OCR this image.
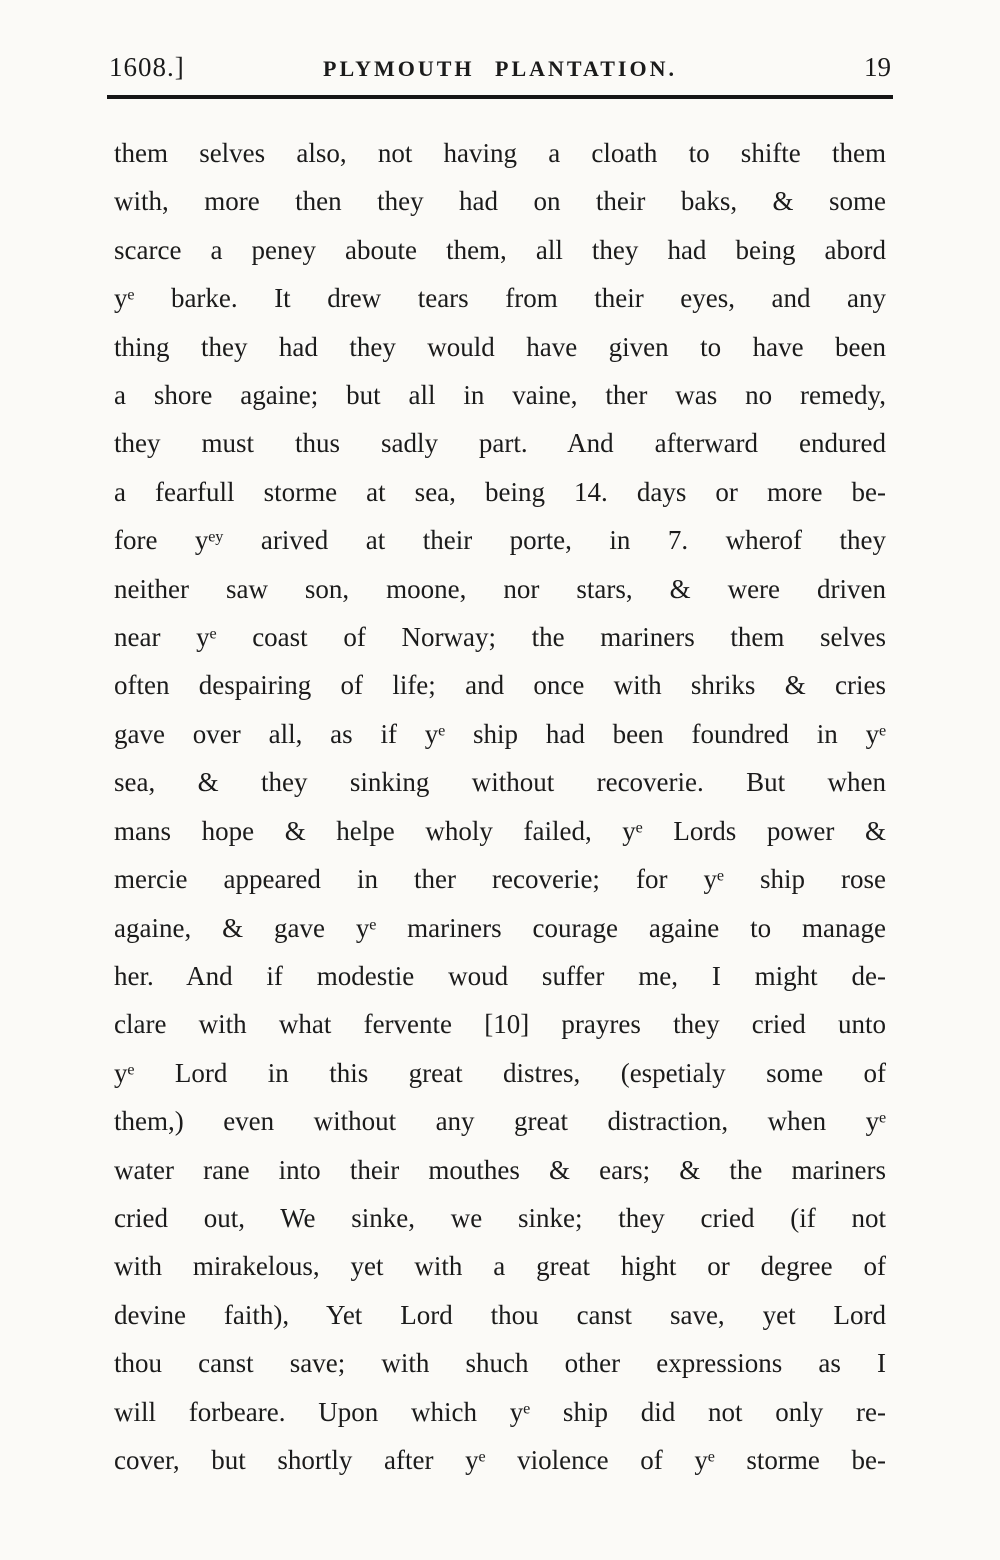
1608.]	PLYMOUTH PLANTATION.	19
them selves also, not having a cloath to shifte them
with, more then they had on their baks, & some
scarce a peney aboute them, all they had being abord
yᵉ barke. It drew tears from their eyes, and any
thing they had they would have given to have been
a shore againe; but all in vaine, ther was no remedy,
they must thus sadly part. And afterward endured
a fearfull storme at sea, being 14. days or more be-
fore yᵉʸ arived at their porte, in 7. wherof they
neither saw son, moone, nor stars, & were driven
near yᵉ coast of Norway; the mariners them selves
often despairing of life; and once with shriks & cries
gave over all, as if yᵉ ship had been foundred in yᵉ
sea, & they sinking without recoverie. But when
mans hope & helpe wholy failed, yᵉ Lords power &
mercie appeared in ther recoverie; for yᵉ ship rose
againe, & gave yᵉ mariners courage againe to manage
her. And if modestie woud suffer me, I might de-
clare with what fervente [10] prayres they cried unto
yᵉ Lord in this great distres, (espetialy some of
them,) even without any great distraction, when yᵉ
water rane into their mouthes & ears; & the mariners
cried out, We sinke, we sinke; they cried (if not
with mirakelous, yet with a great hight or degree of
devine faith), Yet Lord thou canst save, yet Lord
thou canst save; with shuch other expressions as I
will forbeare. Upon which yᵉ ship did not only re-
cover, but shortly after yᵉ violence of yᵉ storme be-
